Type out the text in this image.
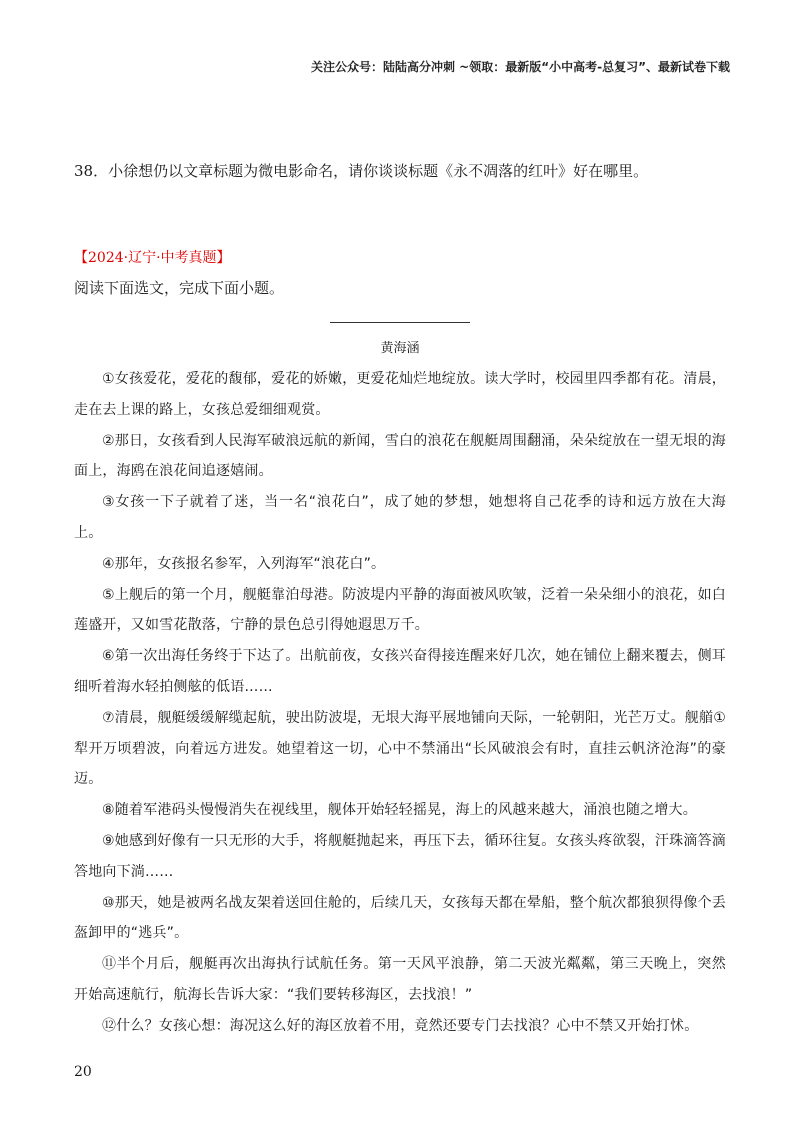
关注公众号：陆陆高分冲刺 ~领取：最新版“小中高考-总复习”、最新试卷下载
38．小徐想仍以文章标题为微电影命名，请你谈谈标题《永不凋落的红叶》好在哪里。
【2024·辽宁·中考真题】
阅读下面选文，完成下面小题。
黄海涵

①女孩爱花，爱花的馥郁，爱花的娇嫩，更爱花灿烂地绽放。读大学时，校园里四季都有花。清晨，走在去上课的路上，女孩总爱细细观赏。

②那日，女孩看到人民海军破浪远航的新闻，雪白的浪花在舰艇周围翻涌，朵朵绽放在一望无垠的海面上，海鸥在浪花间追逐嬉闹。

③女孩一下子就着了迷，当一名“浪花白”，成了她的梦想，她想将自己花季的诗和远方放在大海上。

④那年，女孩报名参军，入列海军“浪花白”。

⑤上舰后的第一个月，舰艇靠泊母港。防波堤内平静的海面被风吹皱，泛着一朵朵细小的浪花，如白莲盛开，又如雪花散落，宁静的景色总引得她遐思万千。

⑥第一次出海任务终于下达了。出航前夜，女孩兴奋得接连醒来好几次，她在铺位上翻来覆去，侧耳细听着海水轻拍侧舷的低语……

⑦清晨，舰艇缓缓解缆起航，驶出防波堤，无垠大海平展地铺向天际，一轮朝阳，光芒万丈。舰艏①犁开万顷碧波，向着远方进发。她望着这一切，心中不禁涌出“长风破浪会有时，直挂云帆济沧海”的豪迈。

⑧随着军港码头慢慢消失在视线里，舰体开始轻轻摇晃，海上的风越来越大，涌浪也随之增大。

⑨她感到好像有一只无形的大手，将舰艇抛起来，再压下去，循环往复。女孩头疼欲裂，汗珠滴答滴答地向下淌……

⑩那天，她是被两名战友架着送回住舱的，后续几天，女孩每天都在晕船，整个航次都狼狈得像个丢盔卸甲的“逃兵”。

⑪半个月后，舰艇再次出海执行试航任务。第一天风平浪静，第二天波光粼粼，第三天晚上，突然开始高速航行，航海长告诉大家：“我们要转移海区，去找浪！”

⑫什么？女孩心想：海况这么好的海区放着不用，竟然还要专门去找浪？心中不禁又开始打怵。

20
